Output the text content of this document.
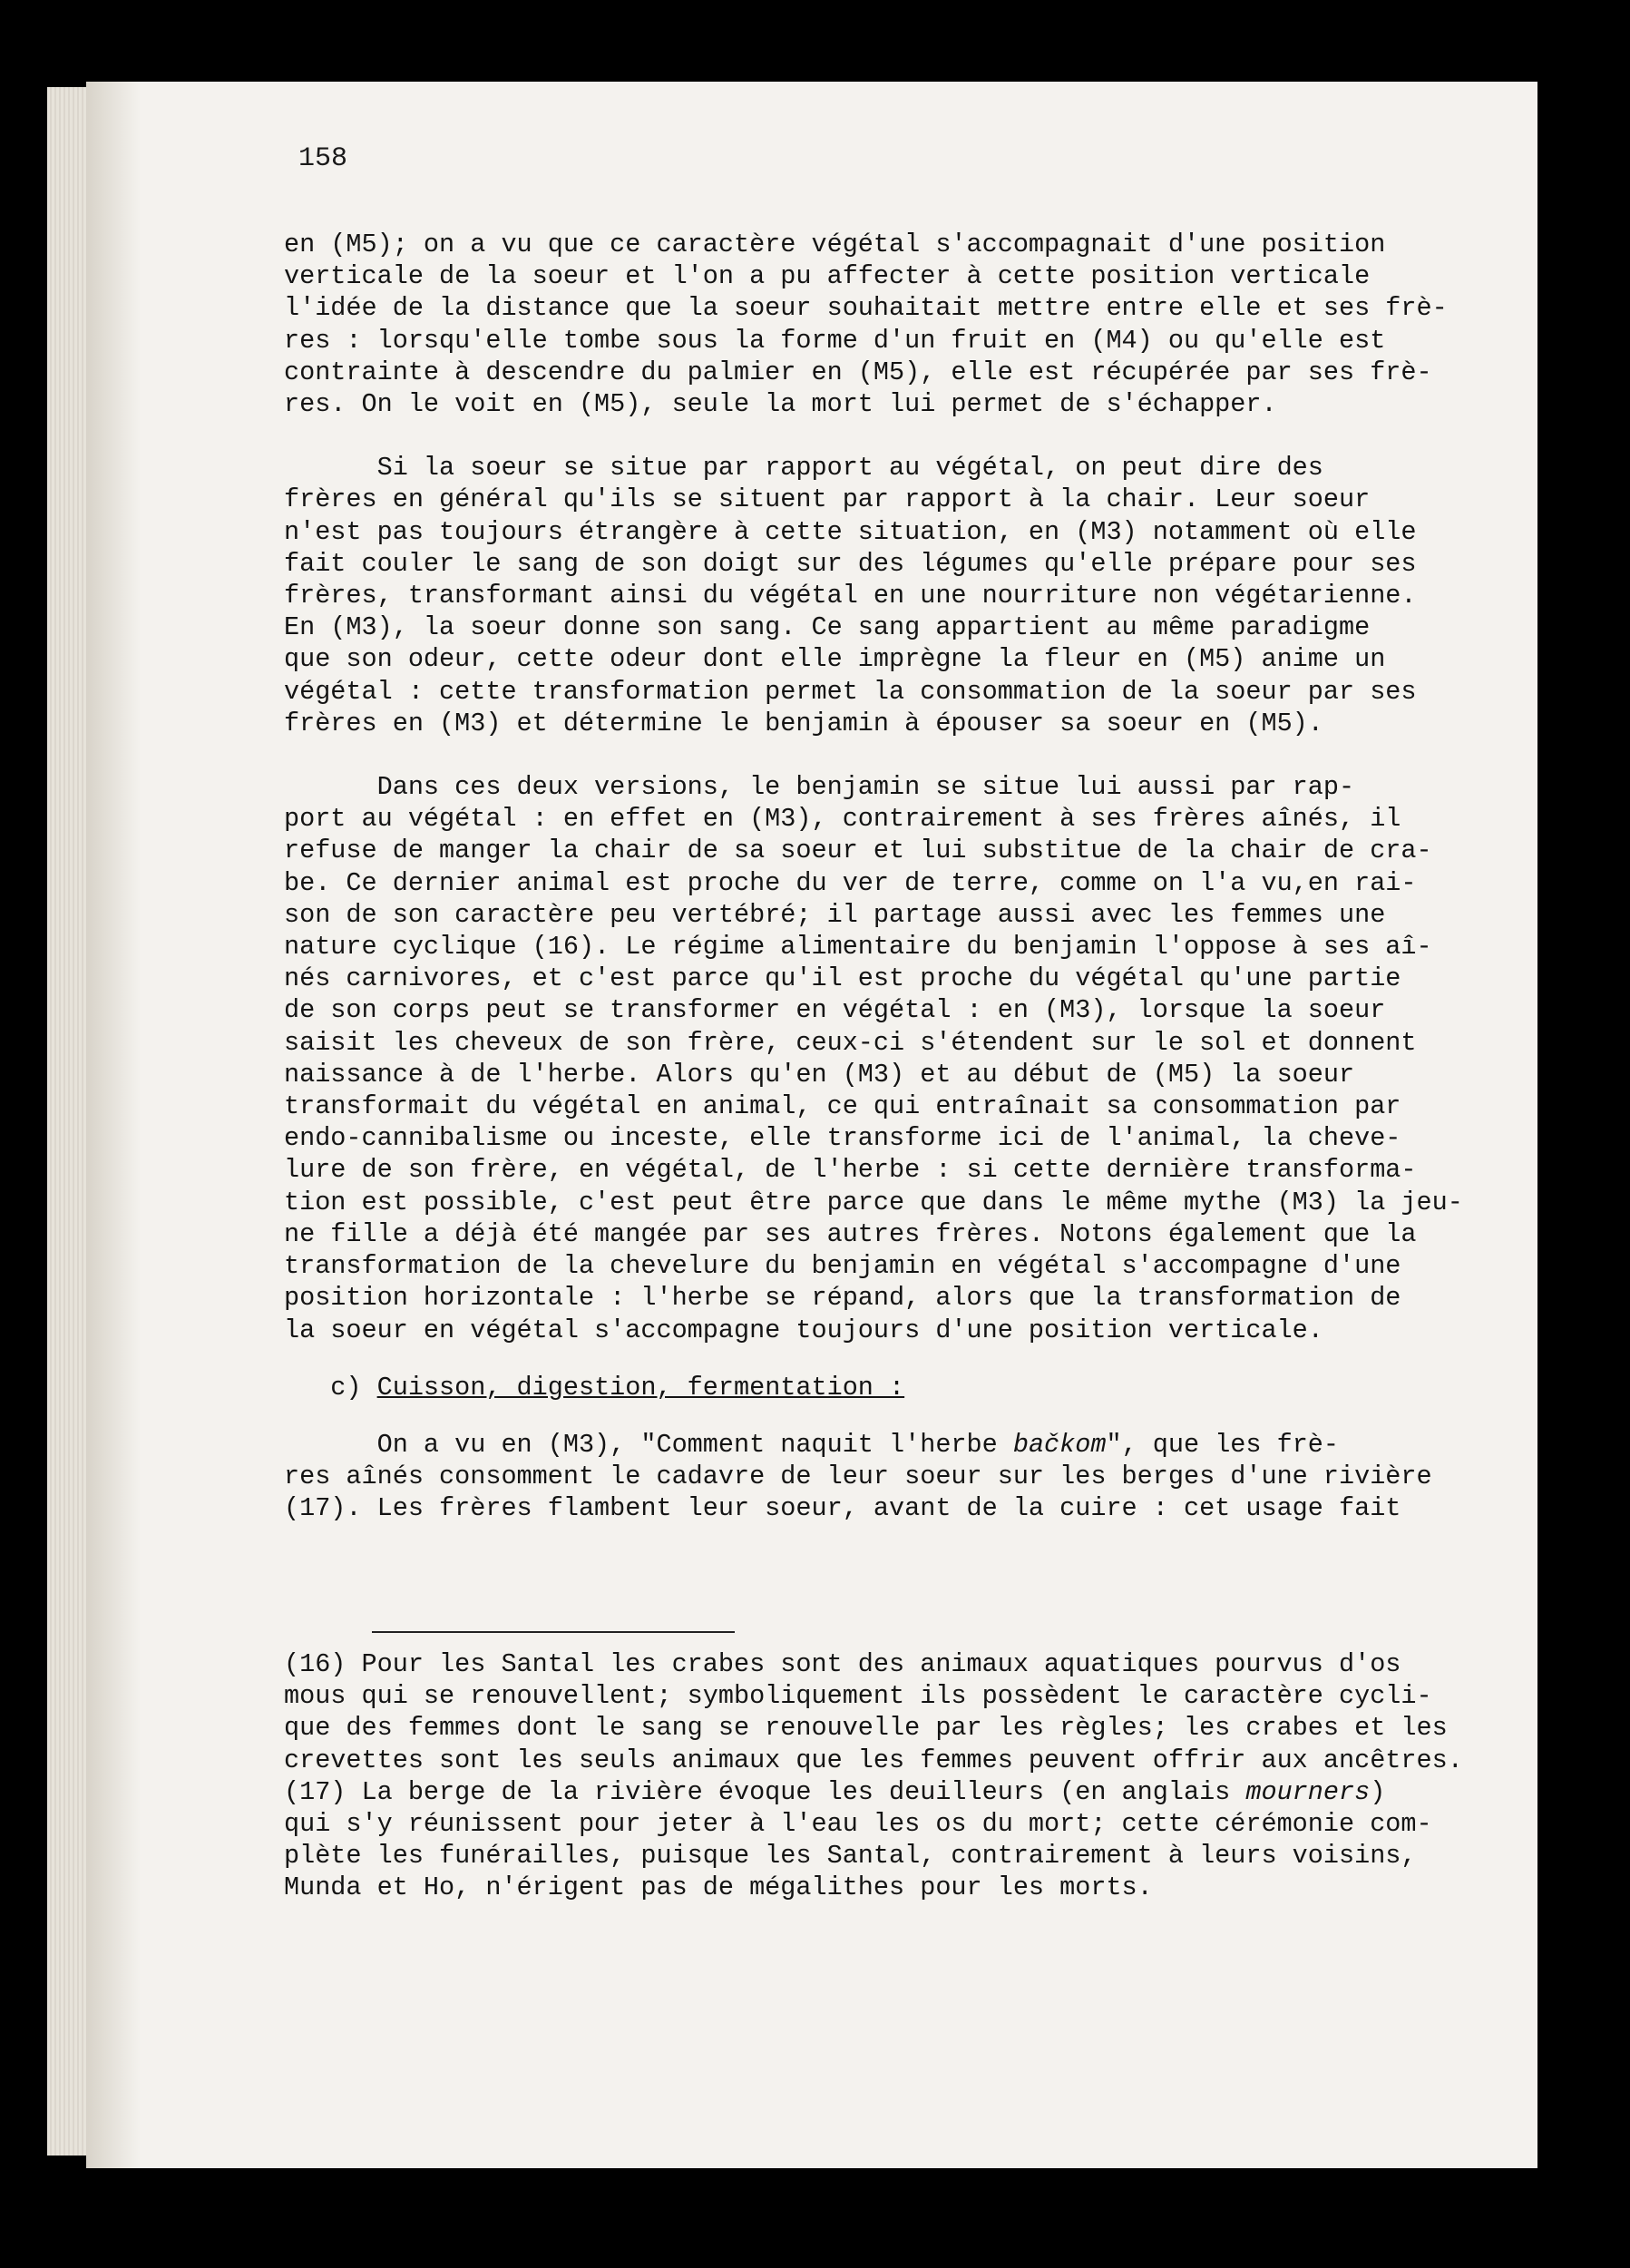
158

en (M5); on a vu que ce caractère végétal s'accompagnait d'une position

verticale de la soeur et l'on a pu affecter à cette position verticale

l'idée de la distance que la soeur souhaitait mettre entre elle et ses frè-

res : lorsqu'elle tombe sous la forme d'un fruit en (M4) ou qu'elle est

contrainte à descendre du palmier en (M5), elle est récupérée par ses frè-

res. On le voit en (M5), seule la mort lui permet de s'échapper.

Si la soeur se situe par rapport au végétal, on peut dire des

frères en général qu'ils se situent par rapport à la chair. Leur soeur

n'est pas toujours étrangère à cette situation, en (M3) notamment où elle

fait couler le sang de son doigt sur des légumes qu'elle prépare pour ses

frères, transformant ainsi du végétal en une nourriture non végétarienne.

En (M3), la soeur donne son sang. Ce sang appartient au même paradigme

que son odeur, cette odeur dont elle imprègne la fleur en (M5) anime un

végétal : cette transformation permet la consommation de la soeur par ses

frères en (M3) et détermine le benjamin à épouser sa soeur en (M5).

Dans ces deux versions, le benjamin se situe lui aussi par rap-

port au végétal : en effet en (M3), contrairement à ses frères aînés, il

refuse de manger la chair de sa soeur et lui substitue de la chair de cra-

be. Ce dernier animal est proche du ver de terre, comme on l'a vu,en rai-

son de son caractère peu vertébré; il partage aussi avec les femmes une

nature cyclique (16). Le régime alimentaire du benjamin l'oppose à ses aî-

nés carnivores, et c'est parce qu'il est proche du végétal qu'une partie

de son corps peut se transformer en végétal : en (M3), lorsque la soeur

saisit les cheveux de son frère, ceux-ci s'étendent sur le sol et donnent

naissance à de l'herbe. Alors qu'en (M3) et au début de (M5) la soeur

transformait du végétal en animal, ce qui entraînait sa consommation par

endo-cannibalisme ou inceste, elle transforme ici de l'animal, la cheve-

lure de son frère, en végétal, de l'herbe : si cette dernière transforma-

tion est possible, c'est peut être parce que dans le même mythe (M3) la jeu-

ne fille a déjà été mangée par ses autres frères. Notons également que la

transformation de la chevelure du benjamin en végétal s'accompagne d'une

position horizontale : l'herbe se répand, alors que la transformation de

la soeur en végétal s'accompagne toujours d'une position verticale.

c) Cuisson, digestion, fermentation :

On a vu en (M3), "Comment naquit l'herbe bačkom", que les frè-

res aînés consomment le cadavre de leur soeur sur les berges d'une rivière

(17). Les frères flambent leur soeur, avant de la cuire : cet usage fait

(16) Pour les Santal les crabes sont des animaux aquatiques pourvus d'os

mous qui se renouvellent; symboliquement ils possèdent le caractère cycli-

que des femmes dont le sang se renouvelle par les règles; les crabes et les

crevettes sont les seuls animaux que les femmes peuvent offrir aux ancêtres.

(17) La berge de la rivière évoque les deuilleurs (en anglais mourners)

qui s'y réunissent pour jeter à l'eau les os du mort; cette cérémonie com-

plète les funérailles, puisque les Santal, contrairement à leurs voisins,

Munda et Ho, n'érigent pas de mégalithes pour les morts.
